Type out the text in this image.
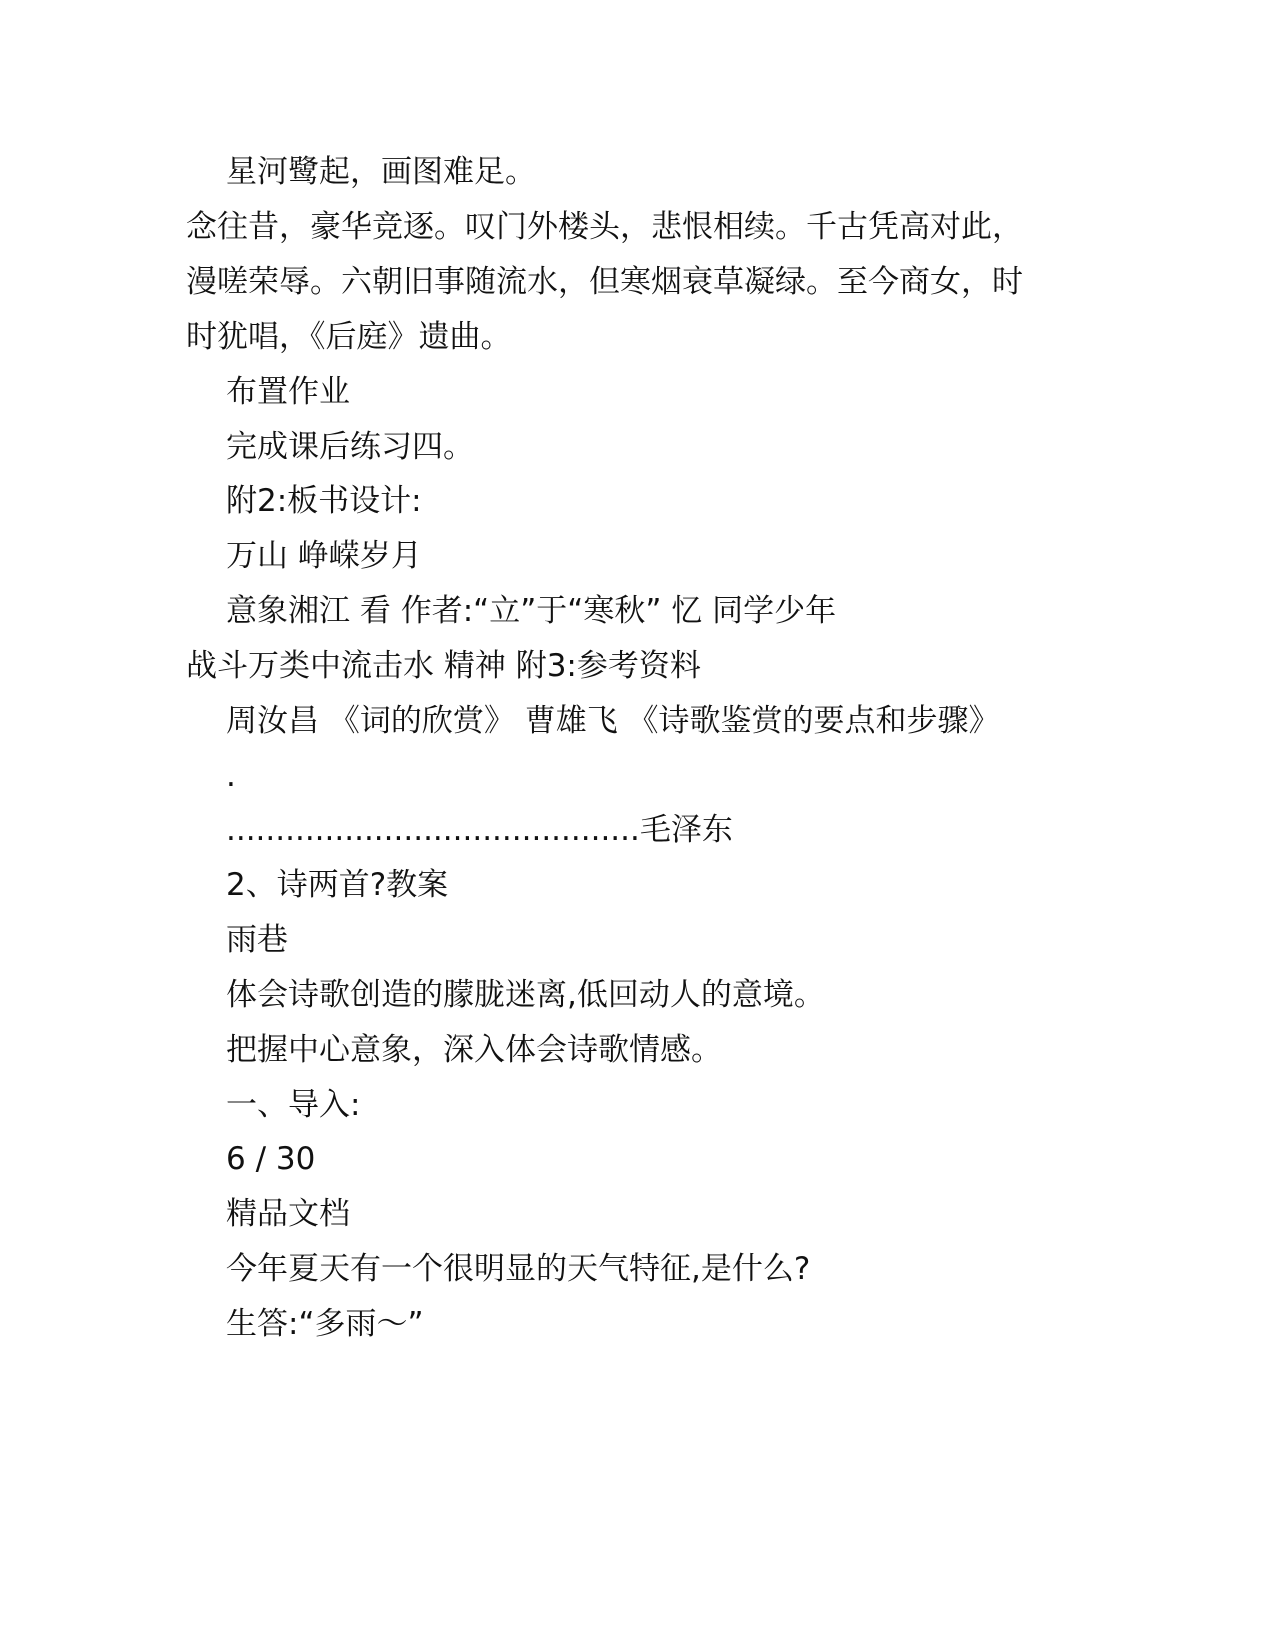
星河鹭起，画图难足。

念往昔，豪华竞逐。叹门外楼头，悲恨相续。千古凭高对此，

漫嗟荣辱。六朝旧事随流水，但寒烟衰草凝绿。至今商女，时

时犹唱，《后庭》遗曲。

布置作业

完成课后练习四。

附2:板书设计:

万山 峥嵘岁月

意象湘江 看 作者:“立”于“寒秋” 忆 同学少年

战斗万类中流击水 精神 附3:参考资料

周汝昌 《词的欣赏》 曹雄飞 《诗歌鉴赏的要点和步骤》

.

..........................................毛泽东

2、诗两首?教案

雨巷

体会诗歌创造的朦胧迷离,低回动人的意境。

把握中心意象，深入体会诗歌情感。

一、导入:

6 / 30

精品文档

今年夏天有一个很明显的天气特征,是什么?

生答:“多雨～”
